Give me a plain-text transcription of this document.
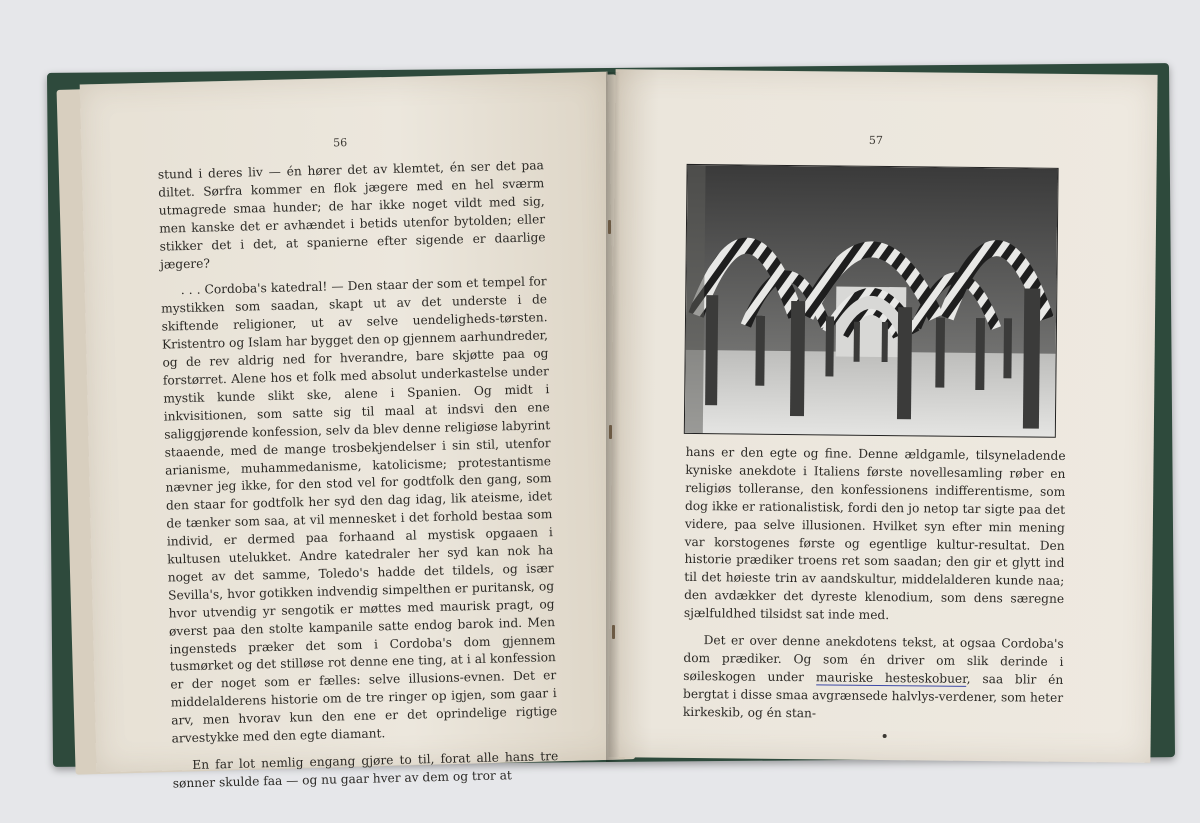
56

stund i deres liv — én hører det av klemtet, én ser det paa diltet. Sørfra kommer en flok jægere med en hel sværm utmagrede smaa hunder; de har ikke noget vildt med sig, men kanske det er avhændet i betids utenfor bytolden; eller stikker det i det, at spanierne efter sigende er daarlige jægere?

. . . Cordoba's katedral! — Den staar der som et tempel for mystikken som saadan, skapt ut av det underste i de skiftende religioner, ut av selve uendeligheds-tørsten. Kristentro og Islam har bygget den op gjennem aarhundreder, og de rev aldrig ned for hverandre, bare skjøtte paa og forstørret. Alene hos et folk med absolut underkastelse under mystik kunde slikt ske, alene i Spanien. Og midt i inkvisitionen, som satte sig til maal at indsvi den ene saliggjørende konfession, selv da blev denne religiøse labyrint staaende, med de mange trosbekjendelser i sin stil, utenfor arianisme, muhammedanisme, katolicisme; protestantisme nævner jeg ikke, for den stod vel for godtfolk den gang, som den staar for godtfolk her syd den dag idag, lik ateisme, idet de tænker som saa, at vil mennesket i det forhold bestaa som individ, er dermed paa forhaand al mystisk opgaaen i kultusen utelukket. Andre katedraler her syd kan nok ha noget av det samme, Toledo's hadde det tildels, og især Sevilla's, hvor gotikken indvendig simpelthen er puritansk, og hvor utvendig yr sengotik er møttes med maurisk pragt, og øverst paa den stolte kampanile satte endog barok ind. Men ingensteds præker det som i Cordoba's dom gjennem tusmørket og det stilløse rot denne ene ting, at i al konfession er der noget som er fælles: selve illusions-evnen. Det er middelalderens historie om de tre ringer op igjen, som gaar i arv, men hvorav kun den ene er det oprindelige rigtige arvestykke med den egte diamant.

En far lot nemlig engang gjøre to til, forat alle hans tre sønner skulde faa — og nu gaar hver av dem og tror at

57

hans er den egte og fine. Denne ældgamle, tilsyneladende kyniske anekdote i Italiens første novellesamling røber en religiøs tolleranse, den konfessionens indifferentisme, som dog ikke er rationalistisk, fordi den jo netop tar sigte paa det videre, paa selve illusionen. Hvilket syn efter min mening var korstogenes første og egentlige kultur-resultat. Den historie prædiker troens ret som saadan; den gir et glytt ind til det høieste trin av aandskultur, middelalderen kunde naa; den avdækker det dyreste klenodium, som dens særegne sjælfuldhed tilsidst sat inde med.

Det er over denne anekdotens tekst, at ogsaa Cordoba's dom prædiker. Og som én driver om slik derinde i søileskogen under mauriske hesteskobuer, saa blir én bergtat i disse smaa avgrænsede halvlys-verdener, som heter kirkeskib, og én stan-
